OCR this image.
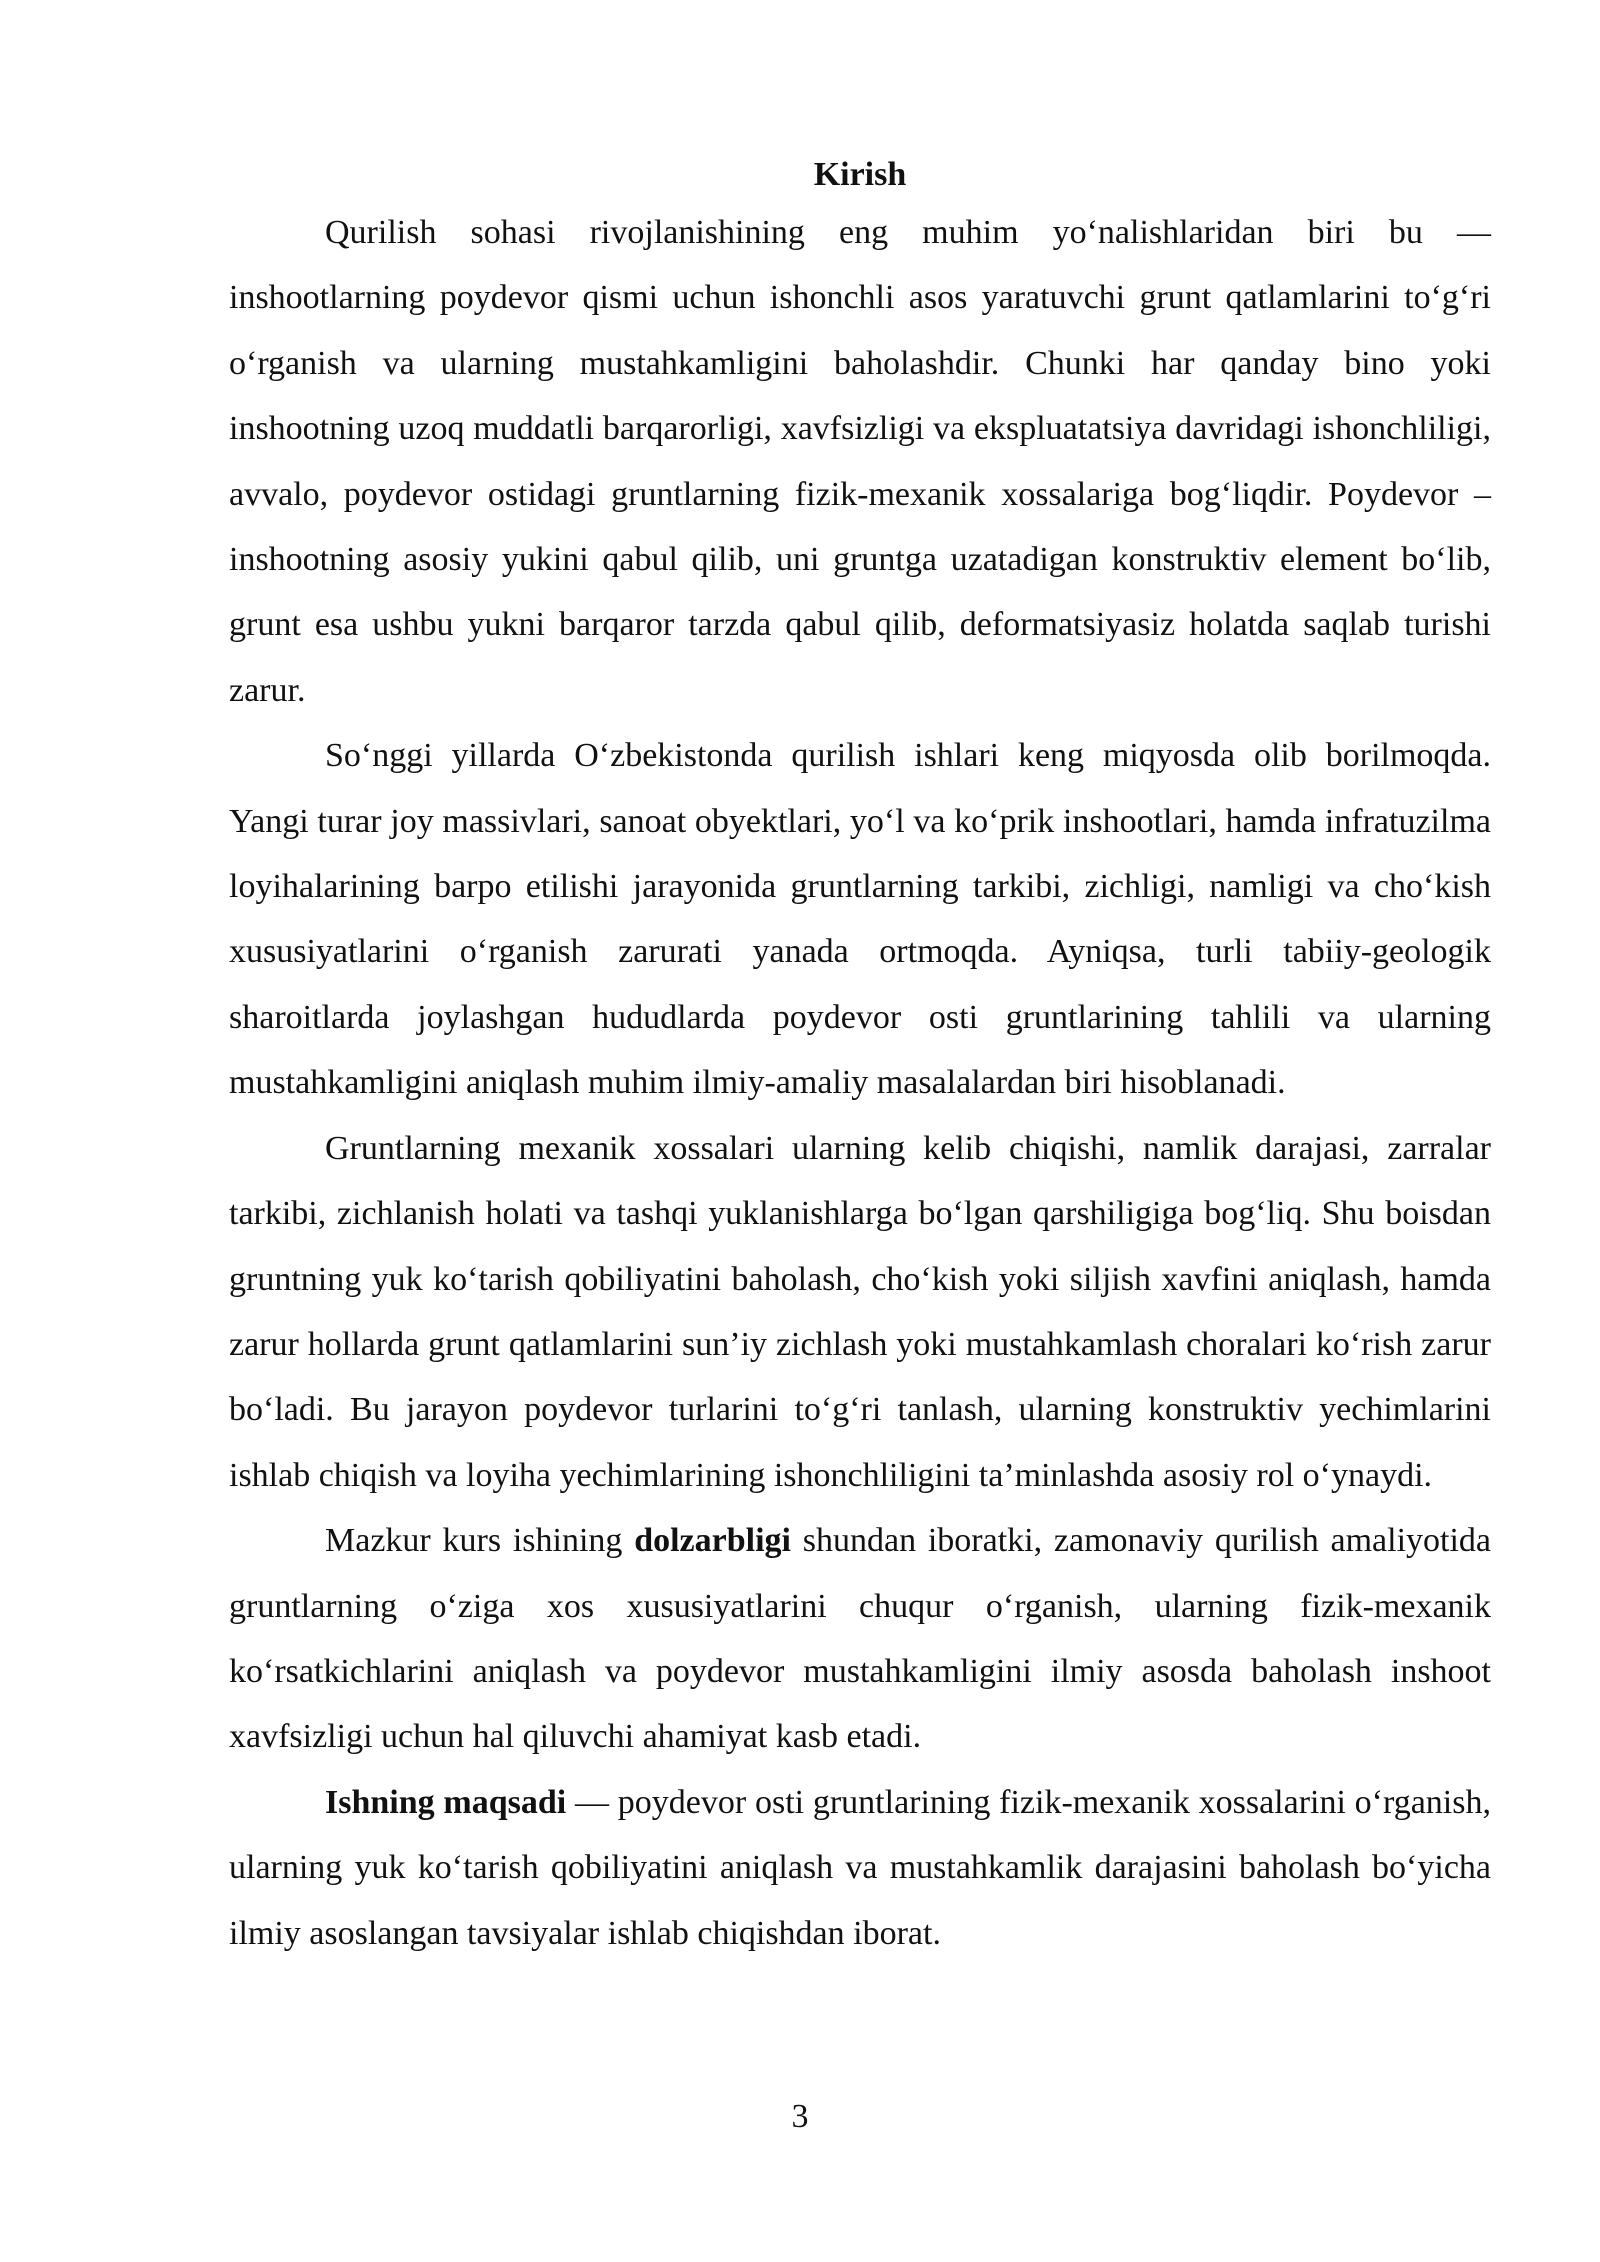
Kirish

Qurilish sohasi rivojlanishining eng muhim yo‘nalishlaridan biri bu — inshootlarning poydevor qismi uchun ishonchli asos yaratuvchi grunt qatlamlarini to‘g‘ri o‘rganish va ularning mustahkamligini baholashdir. Chunki har qanday bino yoki inshootning uzoq muddatli barqarorligi, xavfsizligi va ekspluatatsiya davridagi ishonchliligi, avvalo, poydevor ostidagi gruntlarning fizik-mexanik xossalariga bog‘liqdir. Poydevor – inshootning asosiy yukini qabul qilib, uni gruntga uzatadigan konstruktiv element bo‘lib, grunt esa ushbu yukni barqaror tarzda qabul qilib, deformatsiyasiz holatda saqlab turishi zarur.

So‘nggi yillarda O‘zbekistonda qurilish ishlari keng miqyosda olib borilmoqda. Yangi turar joy massivlari, sanoat obyektlari, yo‘l va ko‘prik inshootlari, hamda infratuzilma loyihalarining barpo etilishi jarayonida gruntlarning tarkibi, zichligi, namligi va cho‘kish xususiyatlarini o‘rganish zarurati yanada ortmoqda. Ayniqsa, turli tabiiy-geologik sharoitlarda joylashgan hududlarda poydevor osti gruntlarining tahlili va ularning mustahkamligini aniqlash muhim ilmiy-amaliy masalalardan biri hisoblanadi.

Gruntlarning mexanik xossalari ularning kelib chiqishi, namlik darajasi, zarralar tarkibi, zichlanish holati va tashqi yuklanishlarga bo‘lgan qarshiligiga bog‘liq. Shu boisdan gruntning yuk ko‘tarish qobiliyatini baholash, cho‘kish yoki siljish xavfini aniqlash, hamda zarur hollarda grunt qatlamlarini sun’iy zichlash yoki mustahkamlash choralari ko‘rish zarur bo‘ladi. Bu jarayon poydevor turlarini to‘g‘ri tanlash, ularning konstruktiv yechimlarini ishlab chiqish va loyiha yechimlarining ishonchliligini ta’minlashda asosiy rol o‘ynaydi.

Mazkur kurs ishining dolzarbligi shundan iboratki, zamonaviy qurilish amaliyotida gruntlarning o‘ziga xos xususiyatlarini chuqur o‘rganish, ularning fizik-mexanik ko‘rsatkichlarini aniqlash va poydevor mustahkamligini ilmiy asosda baholash inshoot xavfsizligi uchun hal qiluvchi ahamiyat kasb etadi.

Ishning maqsadi — poydevor osti gruntlarining fizik-mexanik xossalarini o‘rganish, ularning yuk ko‘tarish qobiliyatini aniqlash va mustahkamlik darajasini baholash bo‘yicha ilmiy asoslangan tavsiyalar ishlab chiqishdan iborat.

3
